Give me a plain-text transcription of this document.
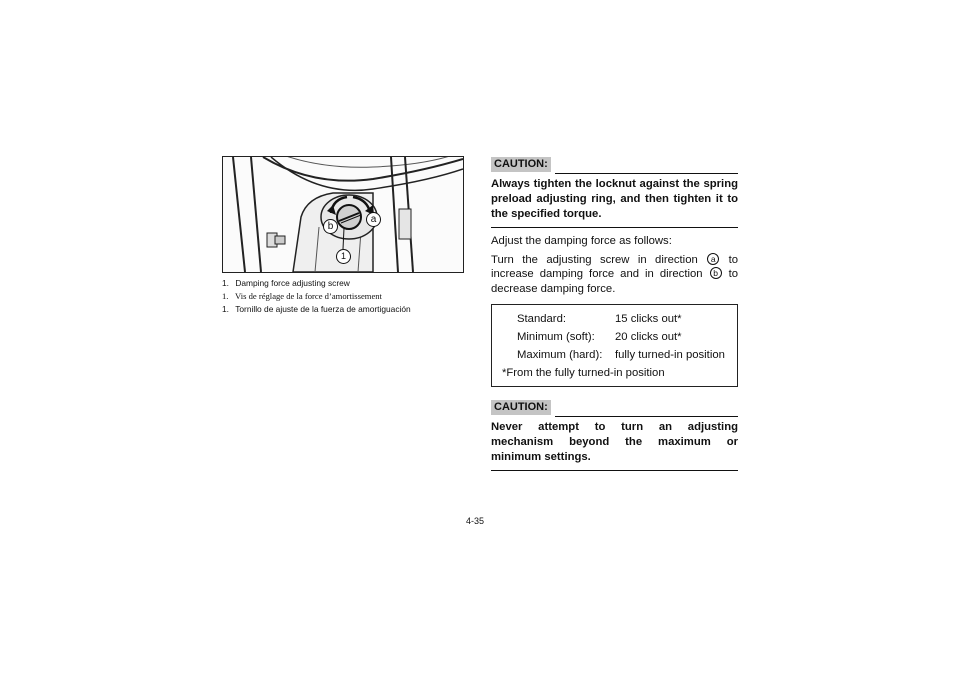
b
a
1
1. Damping force adjusting screw
1. Vis de réglage de la force d’amortissement
1. Tornillo de ajuste de la fuerza de amortiguación
CAUTION:
Always tighten the locknut against the spring preload adjusting ring, and then tighten it to the specified torque.
Adjust the damping force as follows:
Turn the adjusting screw in direction a to increase damping force and in direction b to decrease damping force.
Standard:	15 clicks out*
Minimum (soft):	20 clicks out*
Maximum (hard):	fully turned-in position
*From the fully turned-in position
CAUTION:
Never attempt to turn an adjusting mechanism beyond the maximum or minimum settings.
4-35
